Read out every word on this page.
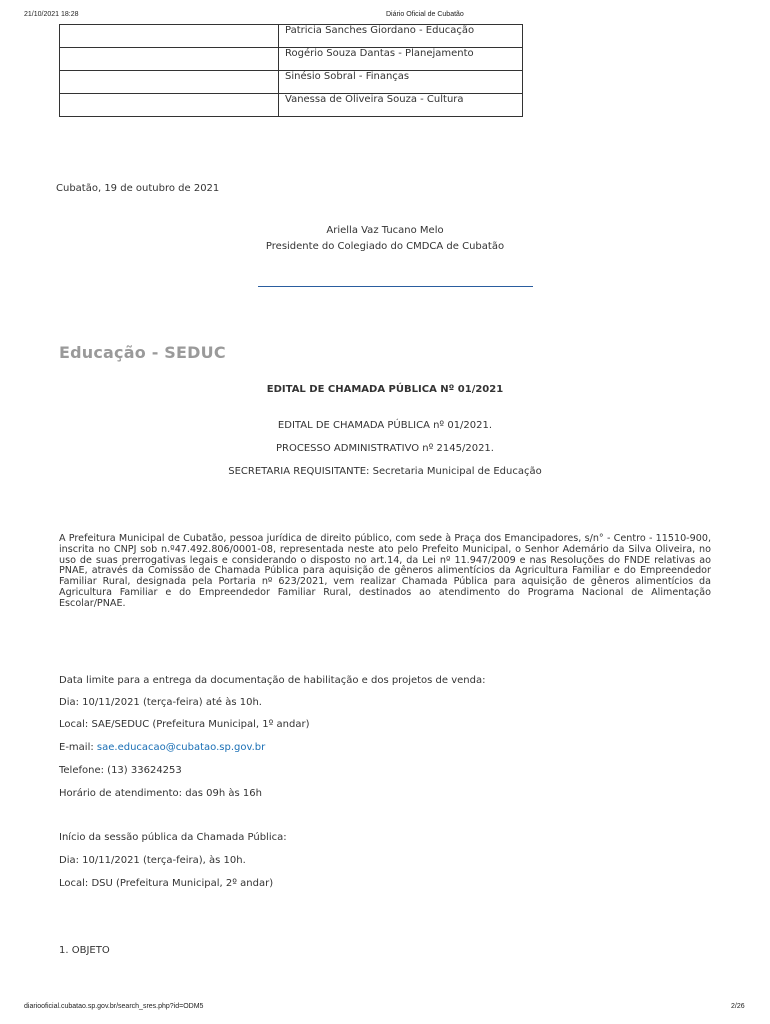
21/10/2021 18:28	Diário Oficial de Cubatão
	Patricia Sanches Giordano - Educação
	Rogério Souza Dantas - Planejamento
	Sinésio Sobral - Finanças
	Vanessa de Oliveira Souza - Cultura
Cubatão, 19 de outubro de 2021
Ariella Vaz Tucano Melo
Presidente do Colegiado do CMDCA de Cubatão
Educação - SEDUC
EDITAL DE CHAMADA PÚBLICA Nº 01/2021
EDITAL DE CHAMADA PÚBLICA nº 01/2021.
PROCESSO ADMINISTRATIVO nº 2145/2021.
SECRETARIA REQUISITANTE: Secretaria Municipal de Educação
A Prefeitura Municipal de Cubatão, pessoa jurídica de direito público, com sede à Praça dos Emancipadores, s/n° - Centro - 11510-900,
inscrita no CNPJ sob n.º47.492.806/0001-08, representada neste ato pelo Prefeito Municipal, o Senhor Ademário da Silva Oliveira, no
uso de suas prerrogativas legais e considerando o disposto no art.14, da Lei nº 11.947/2009 e nas Resoluções do FNDE relativas ao
PNAE, através da Comissão de Chamada Pública para aquisição de gêneros alimentícios da Agricultura Familiar e do Empreendedor
Familiar Rural, designada pela Portaria nº 623/2021, vem realizar Chamada Pública para aquisição de gêneros alimentícios da
Agricultura Familiar e do Empreendedor Familiar Rural, destinados ao atendimento do Programa Nacional de Alimentação
Escolar/PNAE.
Data limite para a entrega da documentação de habilitação e dos projetos de venda:
Dia: 10/11/2021 (terça-feira) até às 10h.
Local: SAE/SEDUC (Prefeitura Municipal, 1º andar)
E-mail: sae.educacao@cubatao.sp.gov.br
Telefone: (13) 33624253
Horário de atendimento: das 09h às 16h
Início da sessão pública da Chamada Pública:
Dia: 10/11/2021 (terça-feira), às 10h.
Local: DSU (Prefeitura Municipal, 2º andar)
1. OBJETO
diariooficial.cubatao.sp.gov.br/search_sres.php?id=ODM5	2/26
